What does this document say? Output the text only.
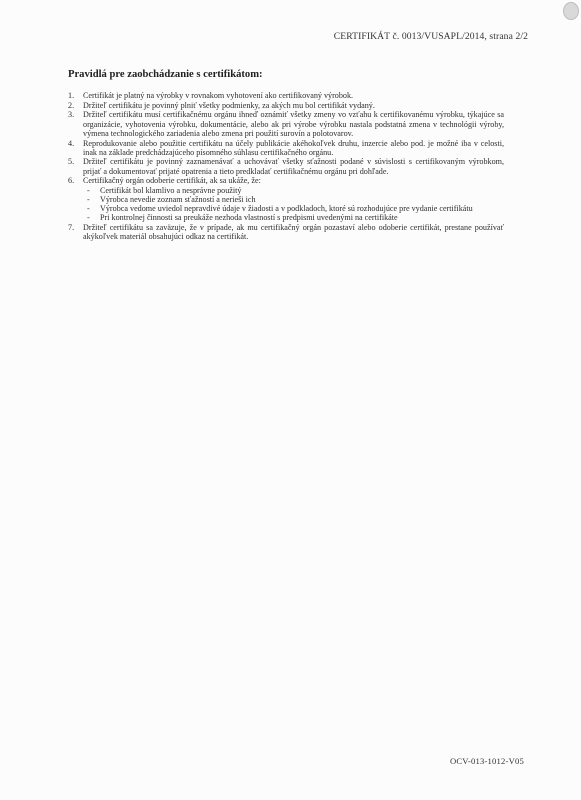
CERTIFIKÁT č. 0013/VUSAPL/2014, strana 2/2
Pravidlá pre zaobchádzanie s certifikátom:
1.	Certifikát je platný na výrobky v rovnakom vyhotovení ako certifikovaný výrobok.
2.	Držiteľ certifikátu je povinný plniť všetky podmienky, za akých mu bol certifikát vydaný.
3.	Držiteľ certifikátu musí certifikačnému orgánu ihneď oznámiť všetky zmeny vo vzťahu k certifikovanému výrobku, týkajúce sa organizácie, vyhotovenia výrobku, dokumentácie, alebo ak pri výrobe výrobku nastala podstatná zmena v technológii výroby, výmena technologického zariadenia alebo zmena pri použití surovín a polotovarov.
4.	Reprodukovanie alebo použitie certifikátu na účely publikácie akéhokoľvek druhu, inzercie alebo pod. je možné iba v celosti, inak na základe predchádzajúceho písomného súhlasu certifikačného orgánu.
5.	Držiteľ certifikátu je povinný zaznamenávať a uchovávať všetky sťažnosti podané v súvislosti s certifikovaným výrobkom, prijať a dokumentovať prijaté opatrenia a tieto predkladať certifikačnému orgánu pri dohľade.
6.	Certifikačný orgán odoberie certifikát, ak sa ukáže, že:
-	Certifikát bol klamlivo a nesprávne použitý
-	Výrobca nevedie zoznam sťažností a nerieši ich
-	Výrobca vedome uviedol nepravdivé údaje v žiadosti a v podkladoch, ktoré sú rozhodujúce pre vydanie certifikátu
-	Pri kontrolnej činnosti sa preukáže nezhoda vlastností s predpismi uvedenými na certifikáte
7.	Držiteľ certifikátu sa zaväzuje, že v prípade, ak mu certifikačný orgán pozastaví alebo odoberie certifikát, prestane používať akýkoľvek materiál obsahujúci odkaz na certifikát.
OCV-013-1012-V05
